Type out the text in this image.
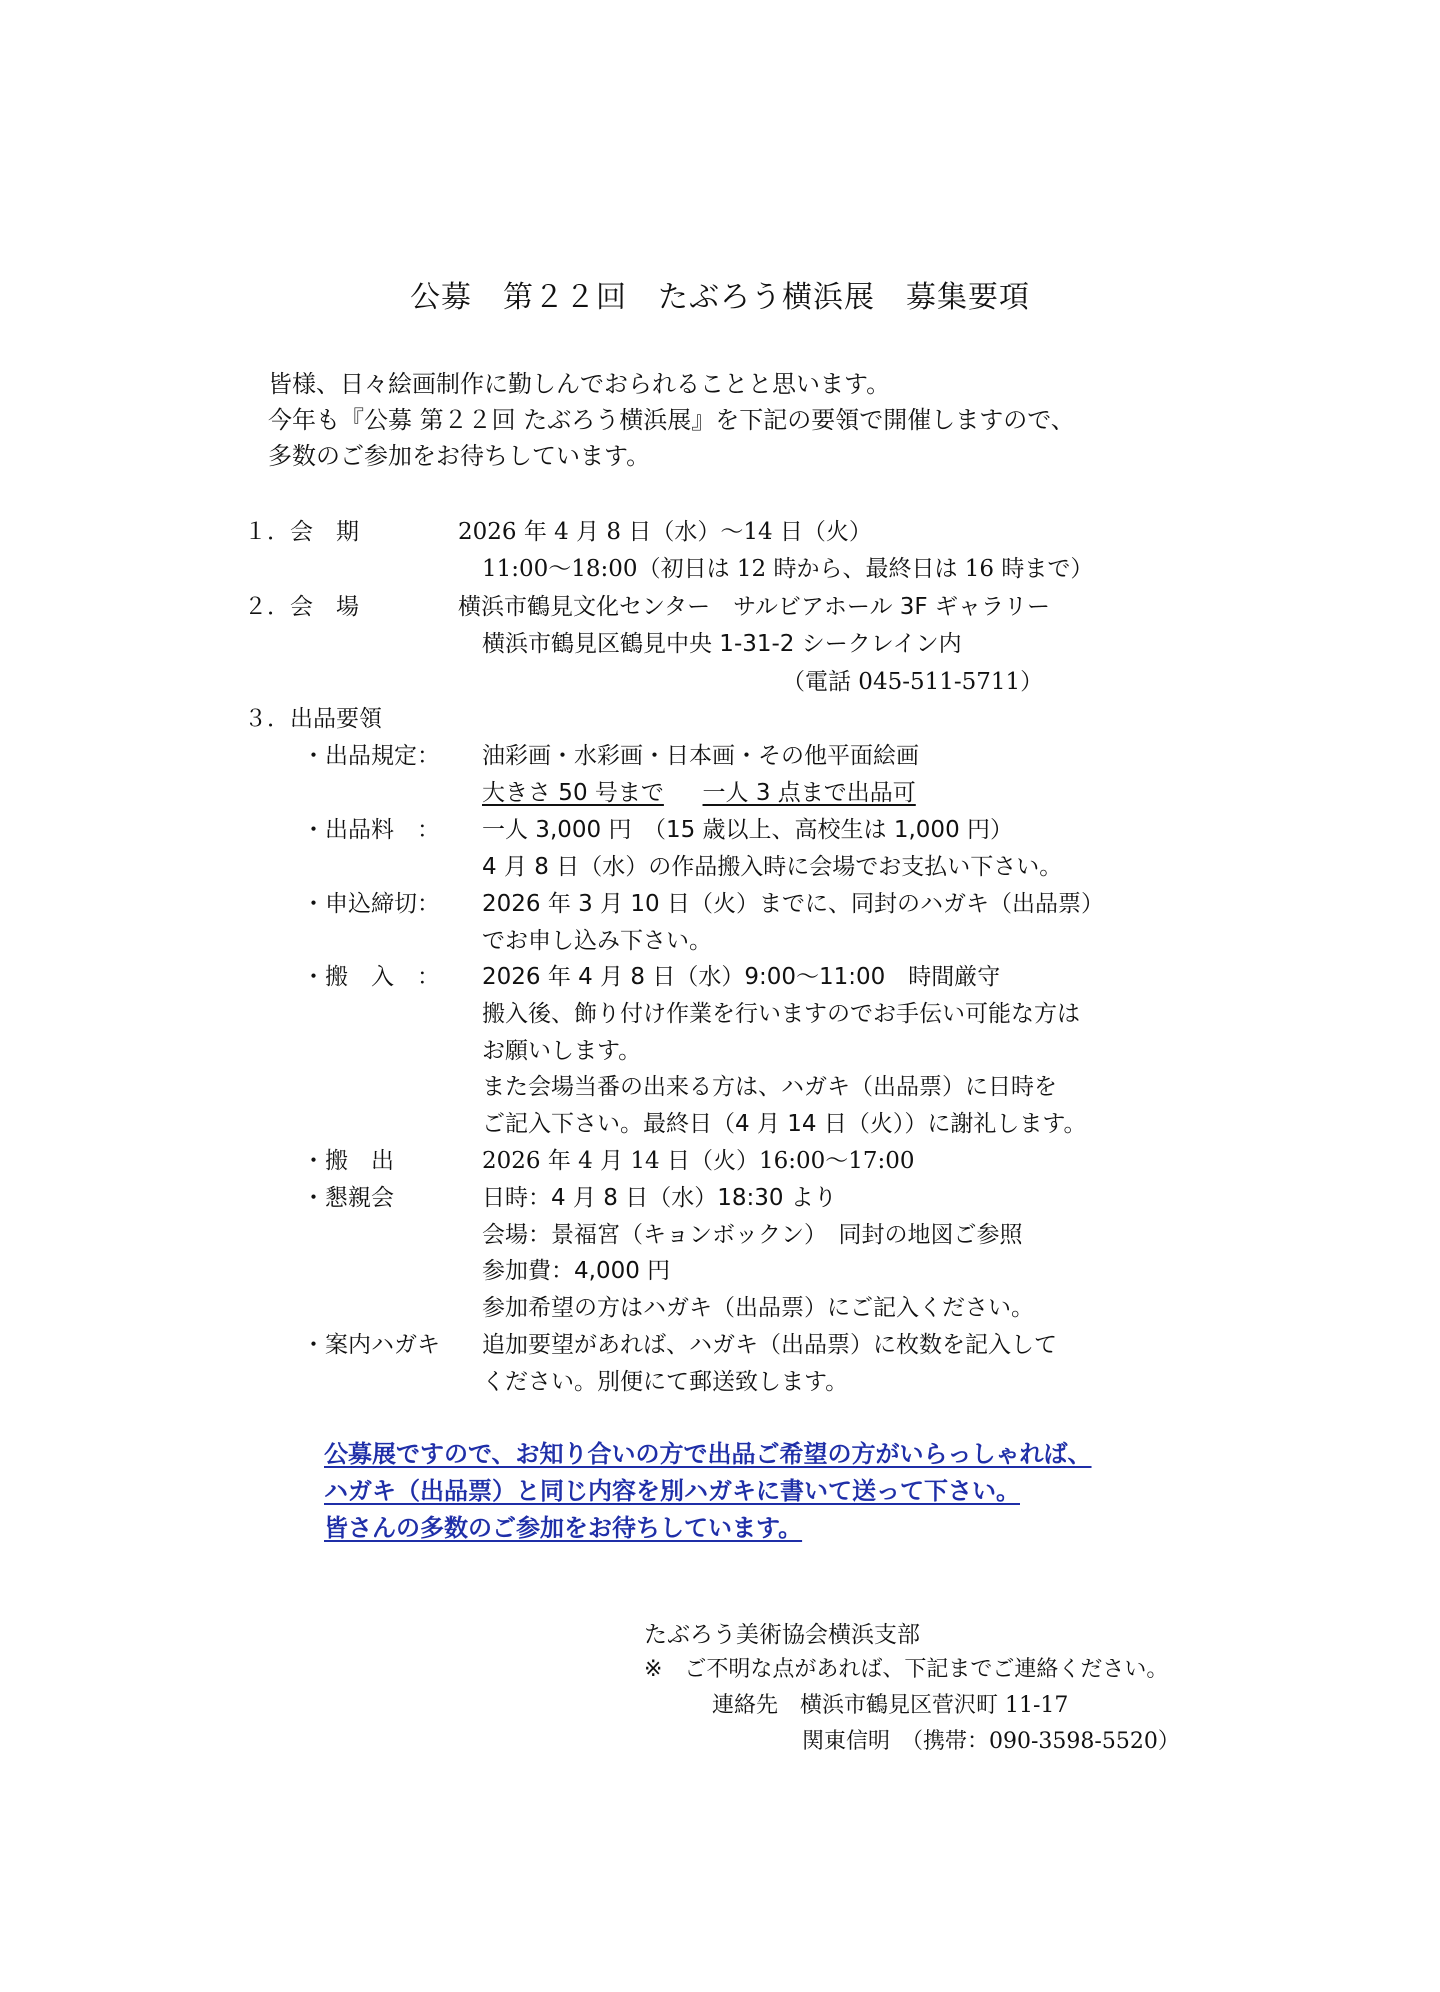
公募　第２２回　たぶろう横浜展　募集要項
皆様、日々絵画制作に勤しんでおられることと思います。
今年も『公募 第２２回 たぶろう横浜展』を下記の要領で開催しますので、
多数のご参加をお待ちしています。
１．会　期	2026 年 4 月 8 日（水）～14 日（火）
11:00～18:00（初日は 12 時から、最終日は 16 時まで）
２．会　場	横浜市鶴見文化センター　サルビアホール 3F ギャラリー
横浜市鶴見区鶴見中央 1-31-2 シークレイン内
（電話 045-511-5711）
３．出品要領
・出品規定： 油彩画・水彩画・日本画・その他平面絵画
大きさ 50 号まで 一人 3 点まで出品可
・出品料　： 一人 3,000 円　（15 歳以上、高校生は 1,000 円）
4 月 8 日（水）の作品搬入時に会場でお支払い下さい。
・申込締切： 2026 年 3 月 10 日（火）までに、同封のハガキ（出品票）
でお申し込み下さい。
・搬　入　： 2026 年 4 月 8 日（水）9:00～11:00　時間厳守
搬入後、飾り付け作業を行いますのでお手伝い可能な方は
お願いします。
また会場当番の出来る方は、ハガキ（出品票）に日時を
ご記入下さい。最終日（4 月 14 日（火））に謝礼します。
・搬　出	2026 年 4 月 14 日（火）16:00～17:00
・懇親会	日時：4 月 8 日（水）18:30 より
会場：景福宮（キョンボックン）　同封の地図ご参照
参加費：4,000 円
参加希望の方はハガキ（出品票）にご記入ください。
・案内ハガキ 追加要望があれば、ハガキ（出品票）に枚数を記入して
ください。別便にて郵送致します。
公募展ですので、お知り合いの方で出品ご希望の方がいらっしゃれば、
ハガキ（出品票）と同じ内容を別ハガキに書いて送って下さい。
皆さんの多数のご参加をお待ちしています。
たぶろう美術協会横浜支部
※　ご不明な点があれば、下記までご連絡ください。
連絡先　横浜市鶴見区菅沢町 11-17
関東信明　（携帯：090-3598-5520）
